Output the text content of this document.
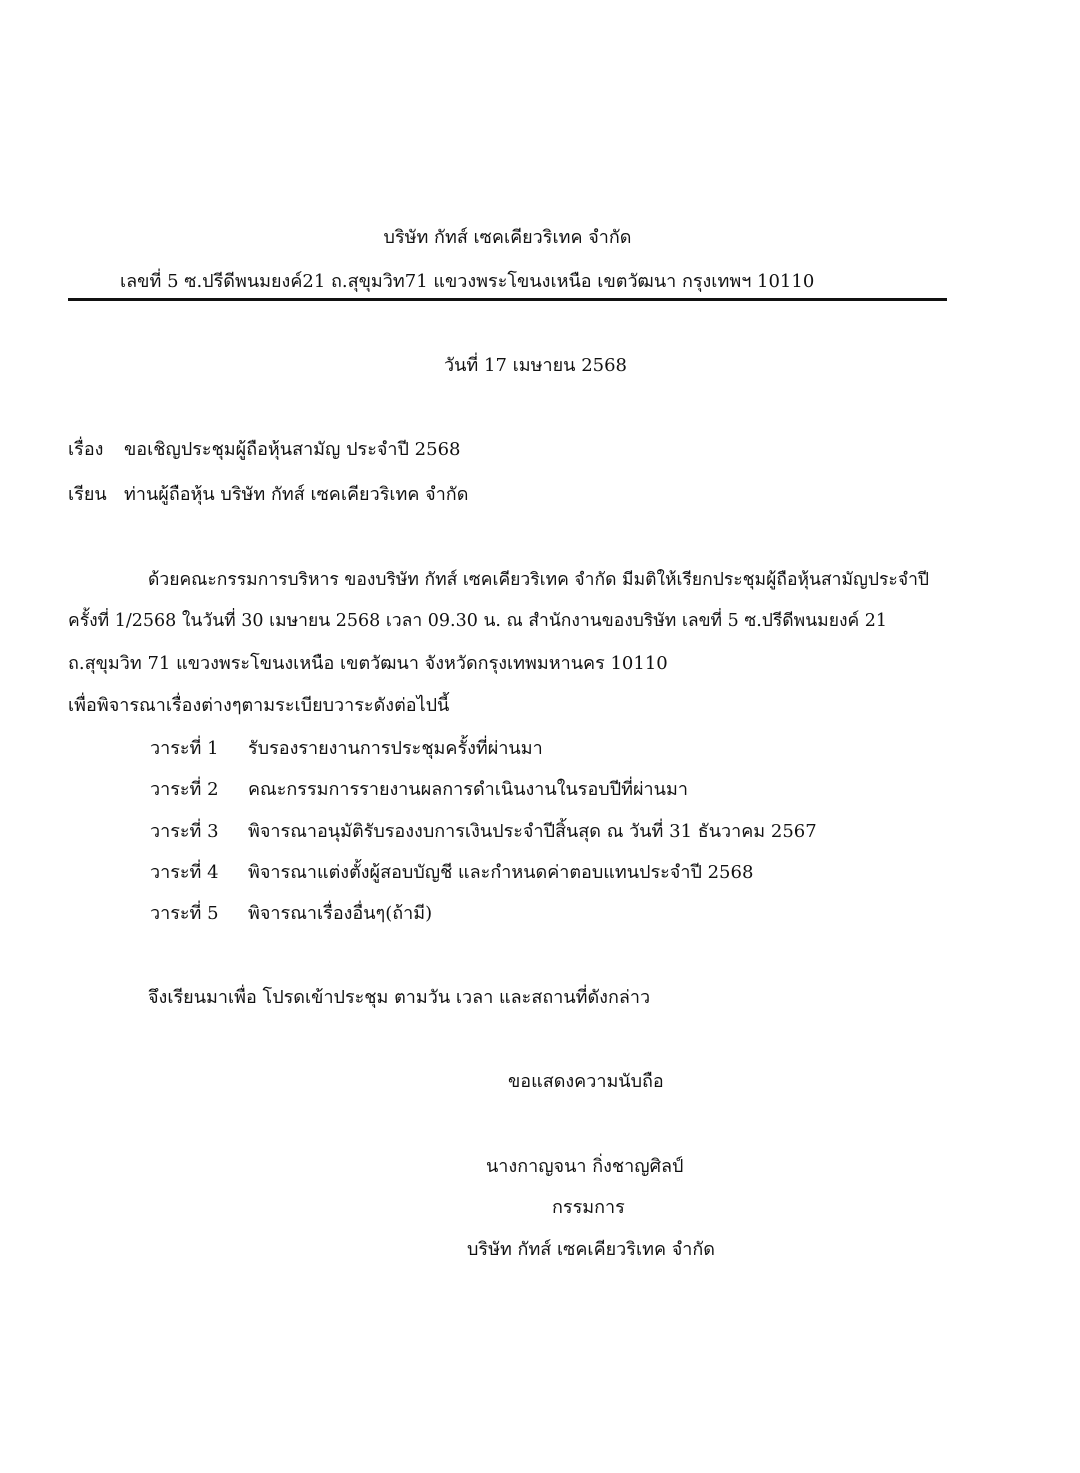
บริษัท กัทส์ เซคเคียวริเทค จำกัด
เลขที่ 5 ซ.ปรีดีพนมยงค์21 ถ.สุขุมวิท71 แขวงพระโขนงเหนือ เขตวัฒนา กรุงเทพฯ 10110
วันที่ 17 เมษายน 2568
เรื่อง ขอเชิญประชุมผู้ถือหุ้นสามัญ ประจำปี 2568
เรียน ท่านผู้ถือหุ้น บริษัท กัทส์ เซคเคียวริเทค จำกัด
ด้วยคณะกรรมการบริหาร ของบริษัท กัทส์ เซคเคียวริเทค จำกัด มีมติให้เรียกประชุมผู้ถือหุ้นสามัญประจำปี
ครั้งที่ 1/2568 ในวันที่ 30 เมษายน 2568 เวลา 09.30 น. ณ สำนักงานของบริษัท เลขที่ 5 ซ.ปรีดีพนมยงค์ 21
ถ.สุขุมวิท 71 แขวงพระโขนงเหนือ เขตวัฒนา จังหวัดกรุงเทพมหานคร 10110
เพื่อพิจารณาเรื่องต่างๆตามระเบียบวาระดังต่อไปนี้
วาระที่ 1 รับรองรายงานการประชุมครั้งที่ผ่านมา
วาระที่ 2 คณะกรรมการรายงานผลการดำเนินงานในรอบปีที่ผ่านมา
วาระที่ 3 พิจารณาอนุมัติรับรองงบการเงินประจำปีสิ้นสุด ณ วันที่ 31 ธันวาคม 2567
วาระที่ 4 พิจารณาแต่งตั้งผู้สอบบัญชี และกำหนดค่าตอบแทนประจำปี 2568
วาระที่ 5 พิจารณาเรื่องอื่นๆ(ถ้ามี)
จึงเรียนมาเพื่อ โปรดเข้าประชุม ตามวัน เวลา และสถานที่ดังกล่าว
ขอแสดงความนับถือ
นางกาญจนา กิ่งชาญศิลป์
กรรมการ
บริษัท กัทส์ เซคเคียวริเทค จำกัด
